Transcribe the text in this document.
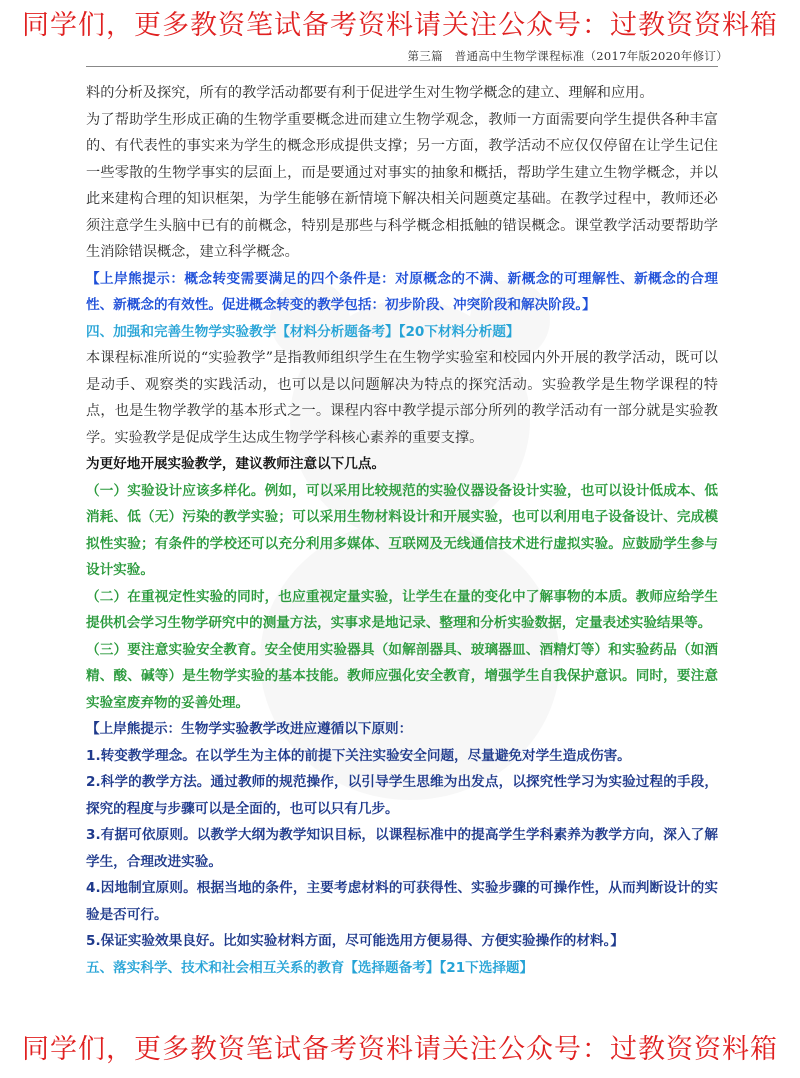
同学们，更多教资笔试备考资料请关注公众号：过教资资料箱
第三篇　普通高中生物学课程标准（2017年版2020年修订）

料的分析及探究，所有的教学活动都要有利于促进学生对生物学概念的建立、理解和应用。

为了帮助学生形成正确的生物学重要概念进而建立生物学观念，教师一方面需要向学生提供各种丰富的、有代表性的事实来为学生的概念形成提供支撑；另一方面，教学活动不应仅仅停留在让学生记住一些零散的生物学事实的层面上，而是要通过对事实的抽象和概括，帮助学生建立生物学概念，并以此来建构合理的知识框架，为学生能够在新情境下解决相关问题奠定基础。在教学过程中，教师还必须注意学生头脑中已有的前概念，特别是那些与科学概念相抵触的错误概念。课堂教学活动要帮助学生消除错误概念，建立科学概念。

【上岸熊提示：概念转变需要满足的四个条件是：对原概念的不满、新概念的可理解性、新概念的合理性、新概念的有效性。促进概念转变的教学包括：初步阶段、冲突阶段和解决阶段。】

四、加强和完善生物学实验教学【材料分析题备考】【20下材料分析题】

本课程标准所说的“实验教学”是指教师组织学生在生物学实验室和校园内外开展的教学活动，既可以是动手、观察类的实践活动，也可以是以问题解决为特点的探究活动。实验教学是生物学课程的特点，也是生物学教学的基本形式之一。课程内容中教学提示部分所列的教学活动有一部分就是实验教学。实验教学是促成学生达成生物学学科核心素养的重要支撑。

为更好地开展实验教学，建议教师注意以下几点。

（一）实验设计应该多样化。例如，可以采用比较规范的实验仪器设备设计实验，也可以设计低成本、低消耗、低（无）污染的教学实验；可以采用生物材料设计和开展实验，也可以利用电子设备设计、完成模拟性实验；有条件的学校还可以充分利用多媒体、互联网及无线通信技术进行虚拟实验。应鼓励学生参与设计实验。

（二）在重视定性实验的同时，也应重视定量实验，让学生在量的变化中了解事物的本质。教师应给学生提供机会学习生物学研究中的测量方法，实事求是地记录、整理和分析实验数据，定量表述实验结果等。

（三）要注意实验安全教育。安全使用实验器具（如解剖器具、玻璃器皿、酒精灯等）和实验药品（如酒精、酸、碱等）是生物学实验的基本技能。教师应强化安全教育，增强学生自我保护意识。同时，要注意实验室废弃物的妥善处理。

【上岸熊提示：生物学实验教学改进应遵循以下原则：

1.转变教学理念。在以学生为主体的前提下关注实验安全问题，尽量避免对学生造成伤害。

2.科学的教学方法。通过教师的规范操作，以引导学生思维为出发点，以探究性学习为实验过程的手段，探究的程度与步骤可以是全面的，也可以只有几步。

3.有据可依原则。以教学大纲为教学知识目标，以课程标准中的提高学生学科素养为教学方向，深入了解学生，合理改进实验。

4.因地制宜原则。根据当地的条件，主要考虑材料的可获得性、实验步骤的可操作性，从而判断设计的实验是否可行。

5.保证实验效果良好。比如实验材料方面，尽可能选用方便易得、方便实验操作的材料。】

五、落实科学、技术和社会相互关系的教育【选择题备考】【21下选择题】

同学们，更多教资笔试备考资料请关注公众号：过教资资料箱
